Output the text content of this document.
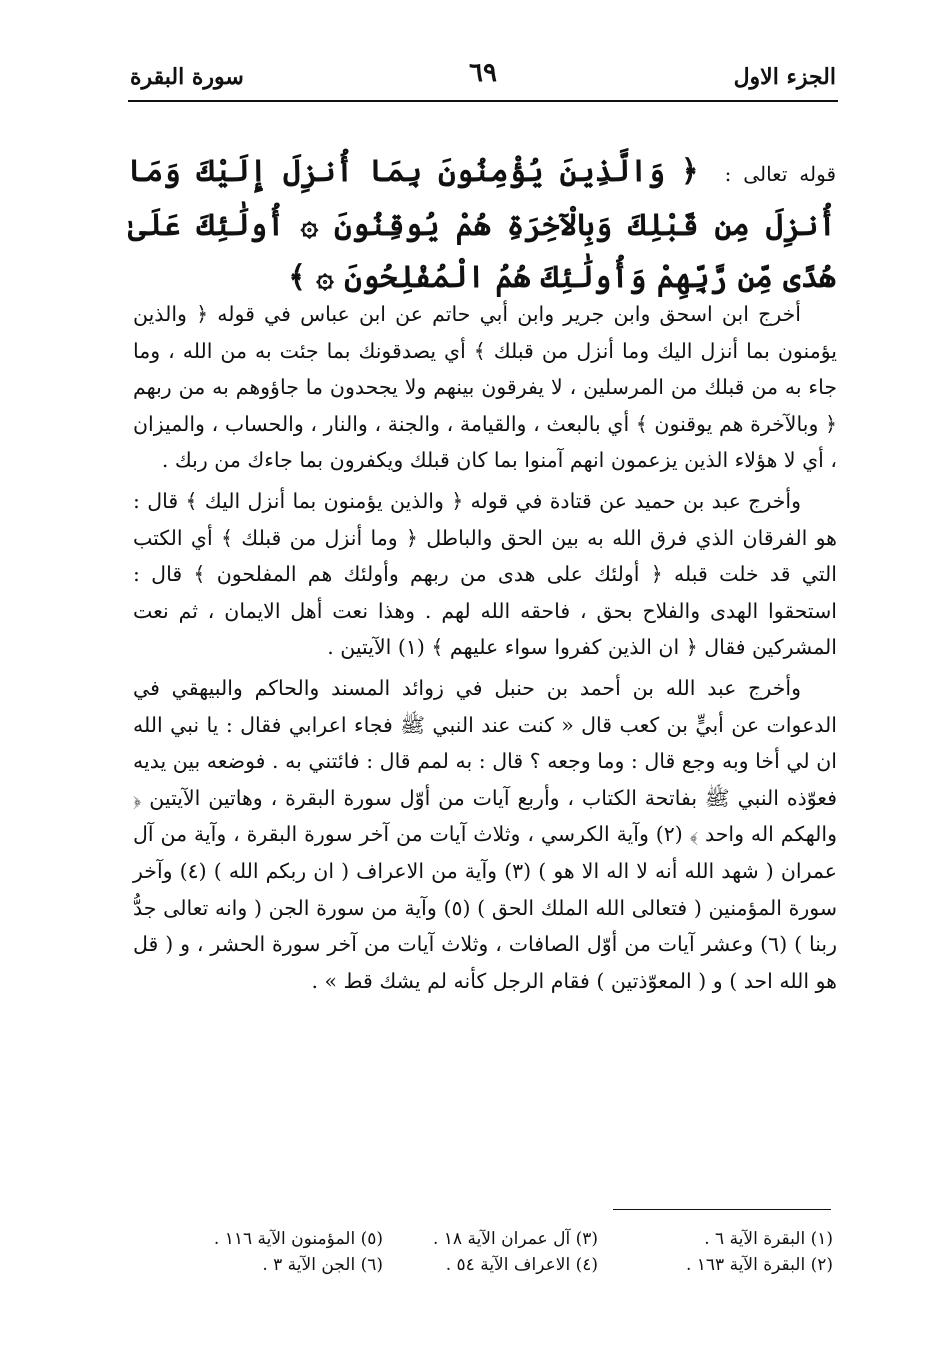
الجزء الاول
٦٩
سورة البقرة
قوله تعالى : ﴿ وَالَّذِينَ يُؤْمِنُونَ بِمَا أُنزِلَ إِلَيْكَ وَمَا أُنزِلَ مِن قَبْلِكَ وَبِالْآخِرَةِ هُمْ يُوقِنُونَ ۞ أُولَٰئِكَ عَلَىٰ هُدًى مِّن رَّبِّهِمْ وَأُولَٰئِكَ هُمُ الْمُفْلِحُونَ ۞ ﴾

أخرج ابن اسحق وابن جرير وابن أبي حاتم عن ابن عباس في قوله ﴿ والذين يؤمنون بما أنزل اليك وما أنزل من قبلك ﴾ أي يصدقونك بما جئت به من الله ، وما جاء به من قبلك من المرسلين ، لا يفرقون بينهم ولا يجحدون ما جاؤوهم به من ربهم ﴿ وبالآخرة هم يوقنون ﴾ أي بالبعث ، والقيامة ، والجنة ، والنار ، والحساب ، والميزان ، أي لا هؤلاء الذين يزعمون انهم آمنوا بما كان قبلك ويكفرون بما جاءك من ربك .

وأخرج عبد بن حميد عن قتادة في قوله ﴿ والذين يؤمنون بما أنزل اليك ﴾ قال : هو الفرقان الذي فرق الله به بين الحق والباطل ﴿ وما أنزل من قبلك ﴾ أي الكتب التي قد خلت قبله ﴿ أولئك على هدى من ربهم وأولئك هم المفلحون ﴾ قال : استحقوا الهدى والفلاح بحق ، فاحقه الله لهم . وهذا نعت أهل الايمان ، ثم نعت المشركين فقال ﴿ ان الذين كفروا سواء عليهم ﴾ (١) الآيتين .

وأخرج عبد الله بن أحمد بن حنبل في زوائد المسند والحاكم والبيهقي في الدعوات عن أبيٍّ بن كعب قال « كنت عند النبي ﷺ فجاء اعرابي فقال : يا نبي الله ان لي أخا وبه وجع قال : وما وجعه ؟ قال : به لمم قال : فائتني به . فوضعه بين يديه فعوّذه النبي ﷺ بفاتحة الكتاب ، وأربع آيات من أوّل سورة البقرة ، وهاتين الآيتين ﴿ والهكم اله واحد ﴾ (٢) وآية الكرسي ، وثلاث آيات من آخر سورة البقرة ، وآية من آل عمران ( شهد الله أنه لا اله الا هو ) (٣) وآية من الاعراف ( ان ربكم الله ) (٤) وآخر سورة المؤمنين ( فتعالى الله الملك الحق ) (٥) وآية من سورة الجن ( وانه تعالى جدُّ ربنا ) (٦) وعشر آيات من أوّل الصافات ، وثلاث آيات من آخر سورة الحشر ، و ( قل هو الله احد ) و ( المعوّذتين ) فقام الرجل كأنه لم يشك قط » .

(١) البقرة الآية ٦ .
(٢) البقرة الآية ١٦٣ .
(٣) آل عمران الآية ١٨ .
(٤) الاعراف الآية ٥٤ .
(٥) المؤمنون الآية ١١٦ .
(٦) الجن الآية ٣ .
